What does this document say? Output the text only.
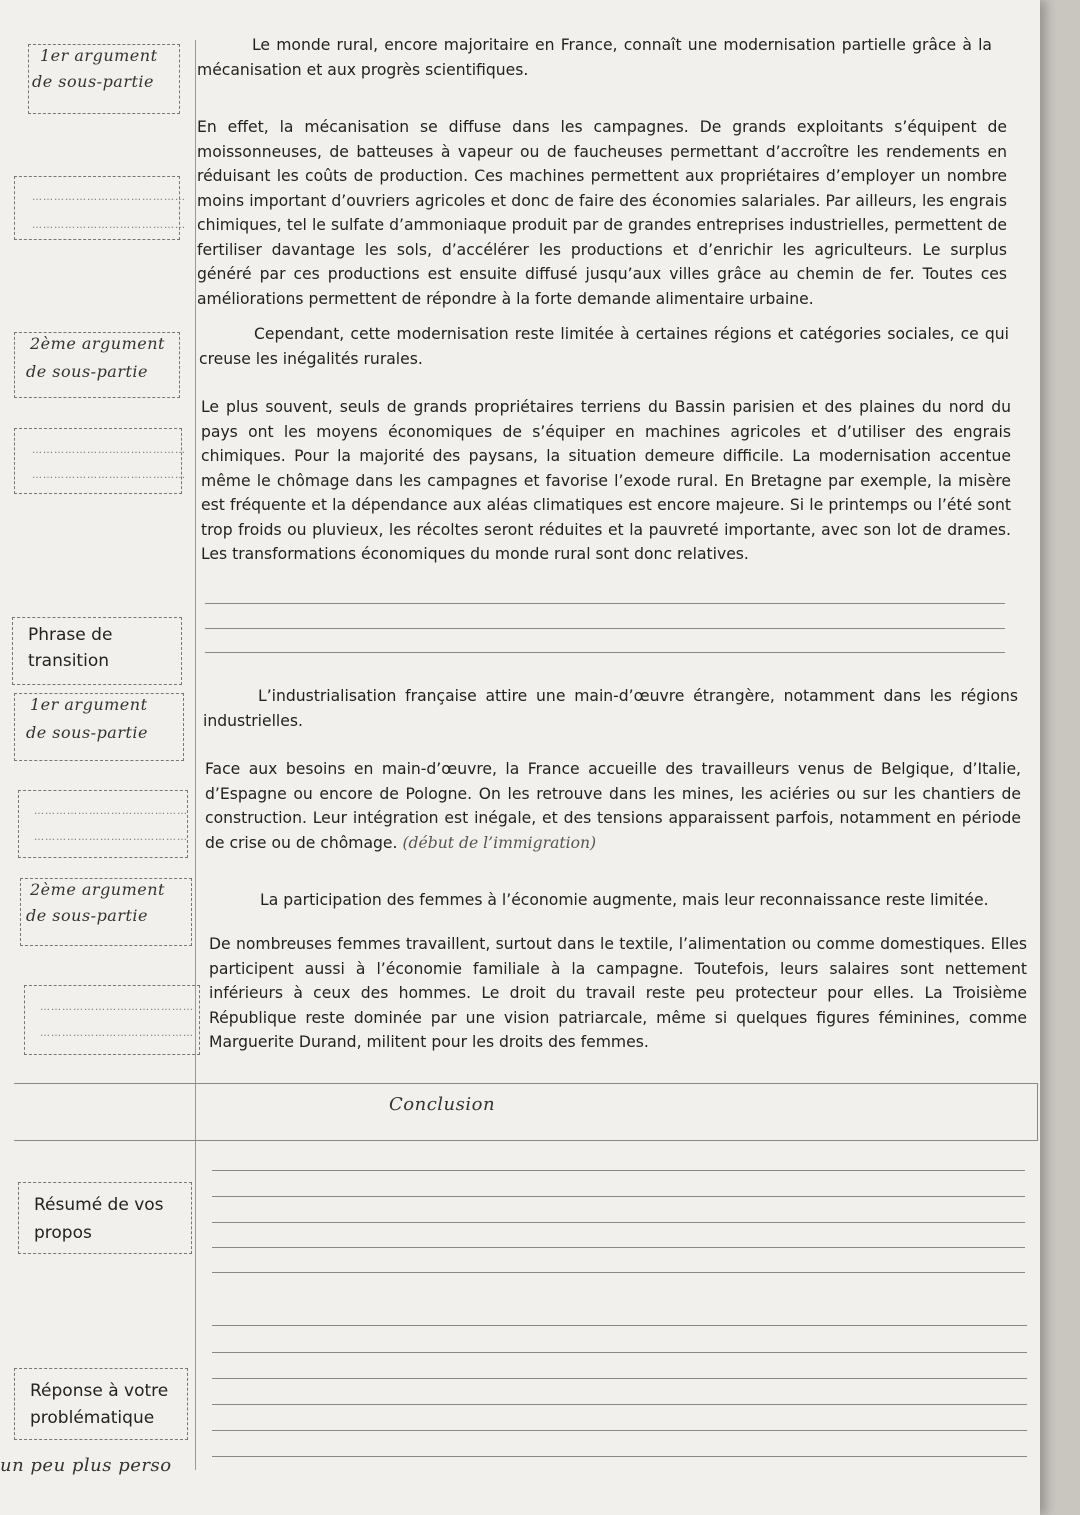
1er argument
de sous-partie
Le monde rural, encore majoritaire en France, connaît une modernisation partielle grâce à la mécanisation et aux progrès scientifiques.
……………………………………
……………………………………
En effet, la mécanisation se diffuse dans les campagnes. De grands exploitants s’équipent de moissonneuses, de batteuses à vapeur ou de faucheuses permettant d’accroître les rendements en réduisant les coûts de production. Ces machines permettent aux propriétaires d’employer un nombre moins important d’ouvriers agricoles et donc de faire des économies salariales. Par ailleurs, les engrais chimiques, tel le sulfate d’ammoniaque produit par de grandes entreprises industrielles, permettent de fertiliser davantage les sols, d’accélérer les productions et d’enrichir les agriculteurs. Le surplus généré par ces productions est ensuite diffusé jusqu’aux villes grâce au chemin de fer. Toutes ces améliorations permettent de répondre à la forte demande alimentaire urbaine.
2ème argument
de sous-partie
Cependant, cette modernisation reste limitée à certaines régions et catégories sociales, ce qui creuse les inégalités rurales.
……………………………………
……………………………………
Le plus souvent, seuls de grands propriétaires terriens du Bassin parisien et des plaines du nord du pays ont les moyens économiques de s’équiper en machines agricoles et d’utiliser des engrais chimiques. Pour la majorité des paysans, la situation demeure difficile. La modernisation accentue même le chômage dans les campagnes et favorise l’exode rural. En Bretagne par exemple, la misère est fréquente et la dépendance aux aléas climatiques est encore majeure. Si le printemps ou l’été sont trop froids ou pluvieux, les récoltes seront réduites et la pauvreté importante, avec son lot de drames. Les transformations économiques du monde rural sont donc relatives.
Phrase de
transition
1er argument
de sous-partie
L’industrialisation française attire une main-d’œuvre étrangère, notamment dans les régions industrielles.
……………………………………
……………………………………
Face aux besoins en main-d’œuvre, la France accueille des travailleurs venus de Belgique, d’Italie, d’Espagne ou encore de Pologne. On les retrouve dans les mines, les aciéries ou sur les chantiers de construction. Leur intégration est inégale, et des tensions apparaissent parfois, notamment en période de crise ou de chômage. (début de l’immigration)
2ème argument
de sous-partie
La participation des femmes à l’économie augmente, mais leur reconnaissance reste limitée.
……………………………………
……………………………………
De nombreuses femmes travaillent, surtout dans le textile, l’alimentation ou comme domestiques. Elles participent aussi à l’économie familiale à la campagne. Toutefois, leurs salaires sont nettement inférieurs à ceux des hommes. Le droit du travail reste peu protecteur pour elles. La Troisième République reste dominée par une vision patriarcale, même si quelques figures féminines, comme Marguerite Durand, militent pour les droits des femmes.
Conclusion
Résumé de vos
propos
Réponse à votre
problématique
un peu plus perso
